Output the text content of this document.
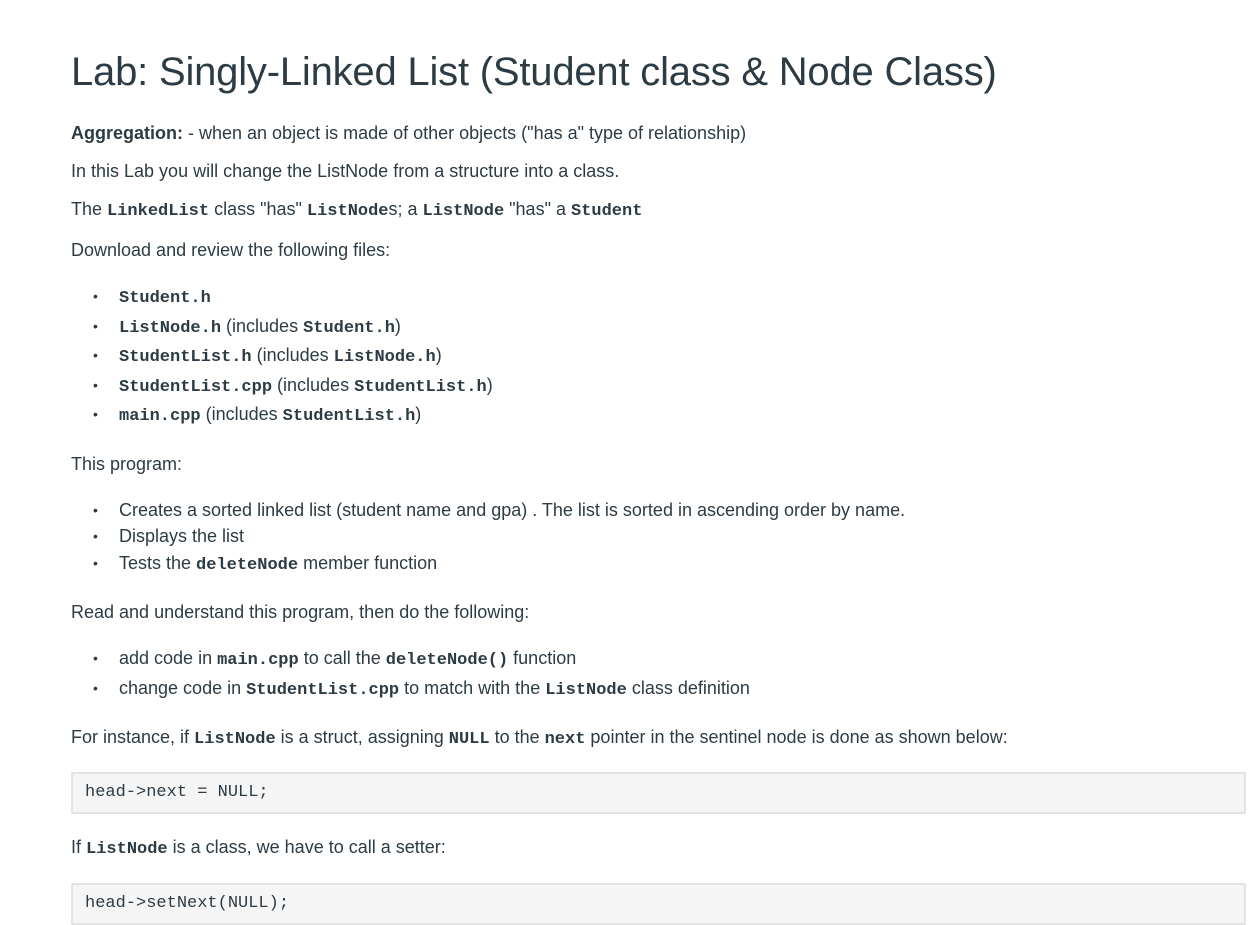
Lab: Singly-Linked List (Student class & Node Class)

Aggregation: - when an object is made of other objects ("has a" type of relationship)

In this Lab you will change the ListNode from a structure into a class.

The LinkedList class "has" ListNodes; a ListNode "has" a Student

Download and review the following files:

• Student.h
• ListNode.h (includes Student.h)
• StudentList.h (includes ListNode.h)
• StudentList.cpp (includes StudentList.h)
• main.cpp (includes StudentList.h)

This program:

• Creates a sorted linked list (student name and gpa) . The list is sorted in ascending order by name.
• Displays the list
• Tests the deleteNode member function

Read and understand this program, then do the following:

• add code in main.cpp to call the deleteNode() function
• change code in StudentList.cpp to match with the ListNode class definition

For instance, if ListNode is a struct, assigning NULL to the next pointer in the sentinel node is done as shown below:

head->next = NULL;

If ListNode is a class, we have to call a setter:

head->setNext(NULL);
